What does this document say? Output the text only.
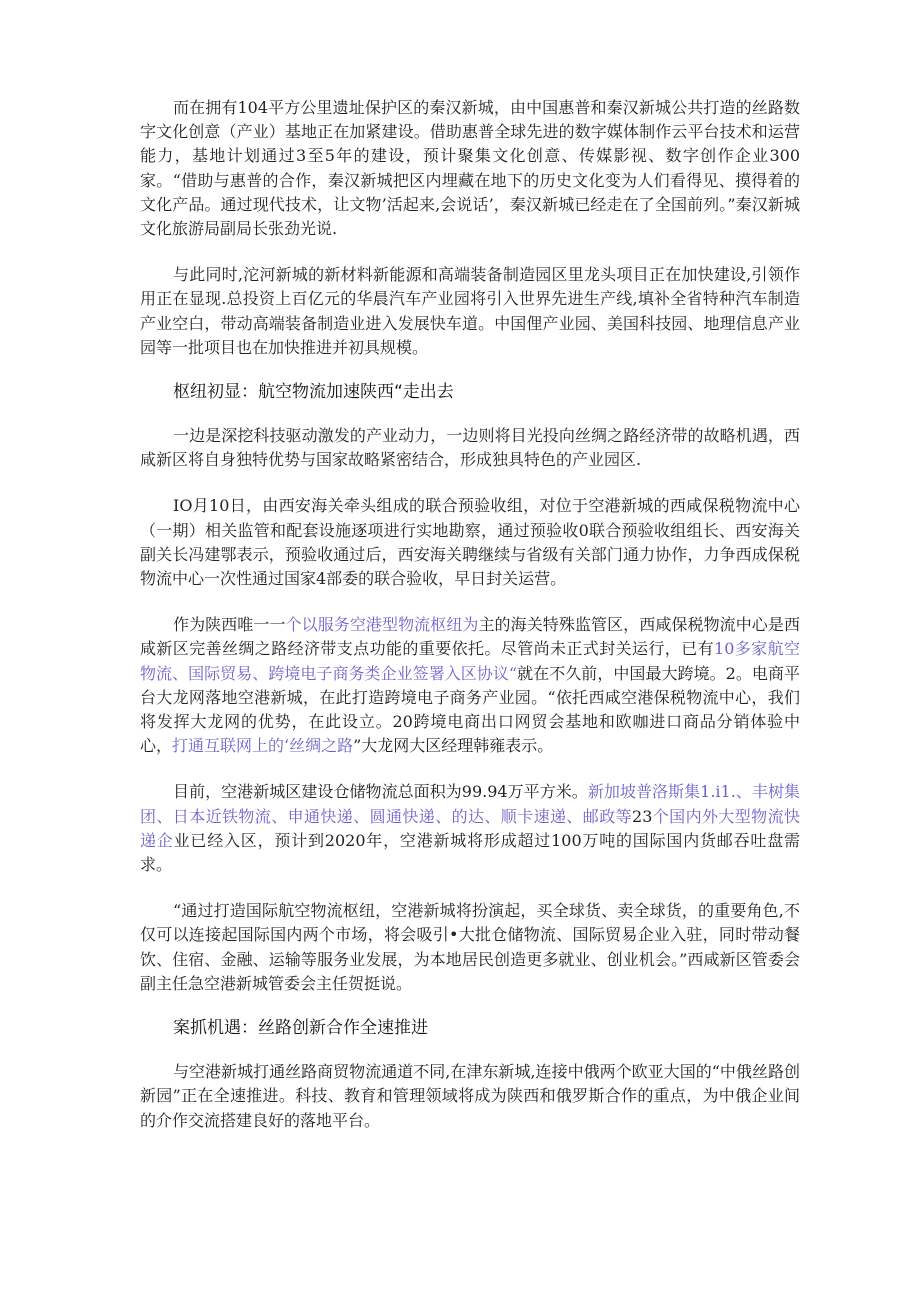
而在拥有104平方公里遗址保护区的秦汉新城，由中国惠普和秦汉新城公共打造的丝路数字文化创意（产业）基地正在加紧建设。借助惠普全球先进的数字媒体制作云平台技术和运营能力，基地计划通过3至5年的建设，预计聚集文化创意、传媒影视、数字创作企业300家。“借助与惠普的合作，秦汉新城把区内埋藏在地下的历史文化变为人们看得见、摸得着的文化产品。通过现代技术，让文物’活起来,会说话’，秦汉新城已经走在了全国前列。”秦汉新城文化旅游局副局长张劲光说.

与此同时,沱河新城的新材料新能源和高端装备制造园区里龙头项目正在加快建设,引领作用正在显现.总投资上百亿元的华晨汽车产业园将引入世界先进生产线,填补全省特种汽车制造产业空白，带动高端装备制造业进入发展快车道。中国俚产业园、美国科技园、地理信息产业园等一批项目也在加快推进并初具规模。

枢纽初显：航空物流加速陕西“走出去

一边是深挖科技驱动激发的产业动力，一边则将目光投向丝绸之路经济带的故略机遇，西咸新区将自身独特优势与国家故略紧密结合，形成独具特色的产业园区.

IO月10日，由西安海关牵头组成的联合预验收组，对位于空港新城的西咸保税物流中心（一期）相关监管和配套设施逐项进行实地勘察，通过预验收0联合预验收组组长、西安海关副关长冯建鄂表示，预验收通过后，西安海关聘继续与省级有关部门通力协作，力争西成保税物流中心一次性通过国家4部委的联合验收，早日封关运营。

作为陕西唯一一个以服务空港型物流枢纽为主的海关特殊监管区，西咸保税物流中心是西咸新区完善丝绸之路经济带支点功能的重要依托。尽管尚未正式封关运行，已有10多家航空物流、国际贸易、跨境电子商务类企业签署入区协议“就在不久前，中国最大跨境。2。电商平台大龙网落地空港新城，在此打造跨境电子商务产业园。“依托西咸空港保税物流中心，我们将发挥大龙网的优势，在此设立。20跨境电商出口网贸会基地和欧咖进口商品分销体验中心，打通互联网上的‘丝绸之路”大龙网大区经理韩雍表示。

目前，空港新城区建设仓储物流总面积为99.94万平方米。新加坡普洛斯集1.i1.、丰树集团、日本近铁物流、申通快递、圆通快递、的达、顺卡速递、邮政等23个国内外大型物流快递企业已经入区，预计到2020年，空港新城将形成超过100万吨的国际国内货邮吞吐盘需求。

“通过打造国际航空物流枢纽，空港新城将扮演起，买全球货、卖全球货，的重要角色,不仅可以连接起国际国内两个市场，将会吸引•大批仓储物流、国际贸易企业入驻，同时带动餐饮、住宿、金融、运输等服务业发展，为本地居民创造更多就业、创业机会。”西咸新区管委会副主任急空港新城管委会主任贺挺说。

案抓机遇：丝路创新合作全速推进

与空港新城打通丝路商贸物流通道不同,在津东新城,连接中俄两个欧亚大国的“中俄丝路创新园”正在全速推进。科技、教育和管理领域将成为陕西和俄罗斯合作的重点，为中俄企业间的介作交流搭建良好的落地平台。
